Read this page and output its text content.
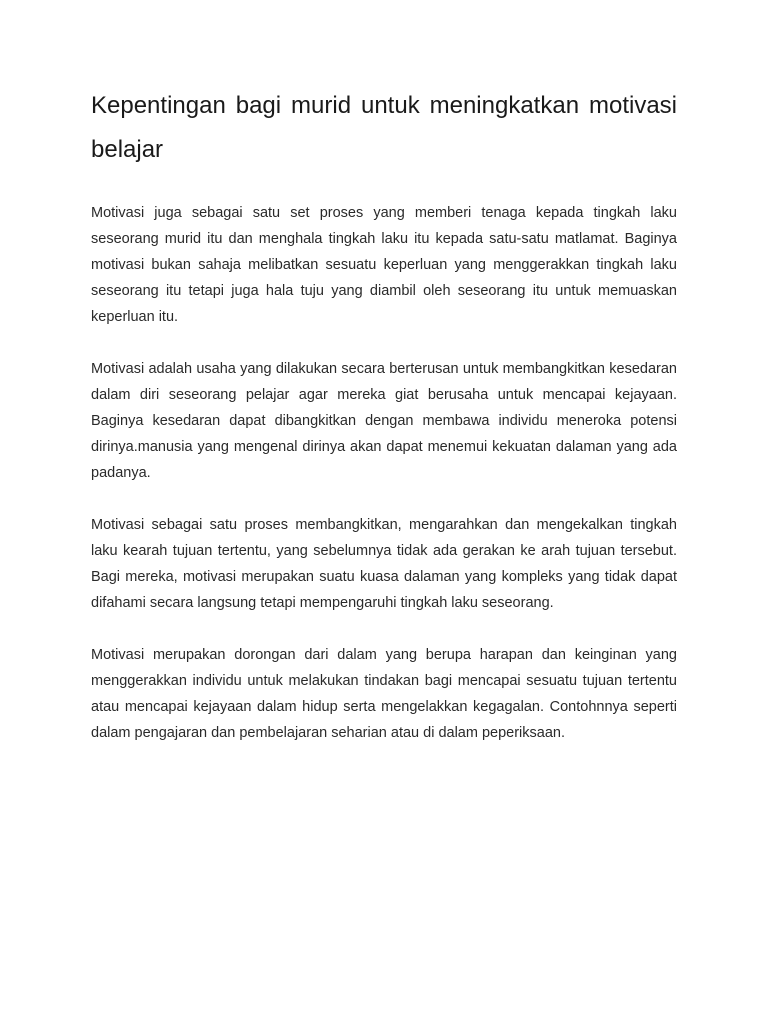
Kepentingan bagi murid untuk meningkatkan motivasi belajar

Motivasi juga sebagai satu set proses yang memberi tenaga kepada tingkah laku seseorang murid itu dan menghala tingkah laku itu kepada satu-satu matlamat. Baginya motivasi bukan sahaja melibatkan sesuatu keperluan yang menggerakkan tingkah laku seseorang itu tetapi juga hala tuju yang diambil oleh seseorang itu untuk memuaskan keperluan itu.

Motivasi adalah usaha yang dilakukan secara berterusan untuk membangkitkan kesedaran dalam diri seseorang pelajar agar mereka giat berusaha untuk mencapai kejayaan. Baginya kesedaran dapat dibangkitkan dengan membawa individu meneroka potensi dirinya.manusia yang mengenal dirinya akan dapat menemui kekuatan dalaman yang ada padanya.

Motivasi sebagai satu proses membangkitkan, mengarahkan dan mengekalkan tingkah laku kearah tujuan tertentu, yang sebelumnya tidak ada gerakan ke arah tujuan tersebut. Bagi mereka, motivasi merupakan suatu kuasa dalaman yang kompleks yang tidak dapat difahami secara langsung tetapi mempengaruhi tingkah laku seseorang.

Motivasi merupakan dorongan dari dalam yang berupa harapan dan keinginan yang menggerakkan individu untuk melakukan tindakan bagi mencapai sesuatu tujuan tertentu atau mencapai kejayaan dalam hidup serta mengelakkan kegagalan. Contohnnya seperti dalam pengajaran dan pembelajaran seharian atau di dalam peperiksaan.
